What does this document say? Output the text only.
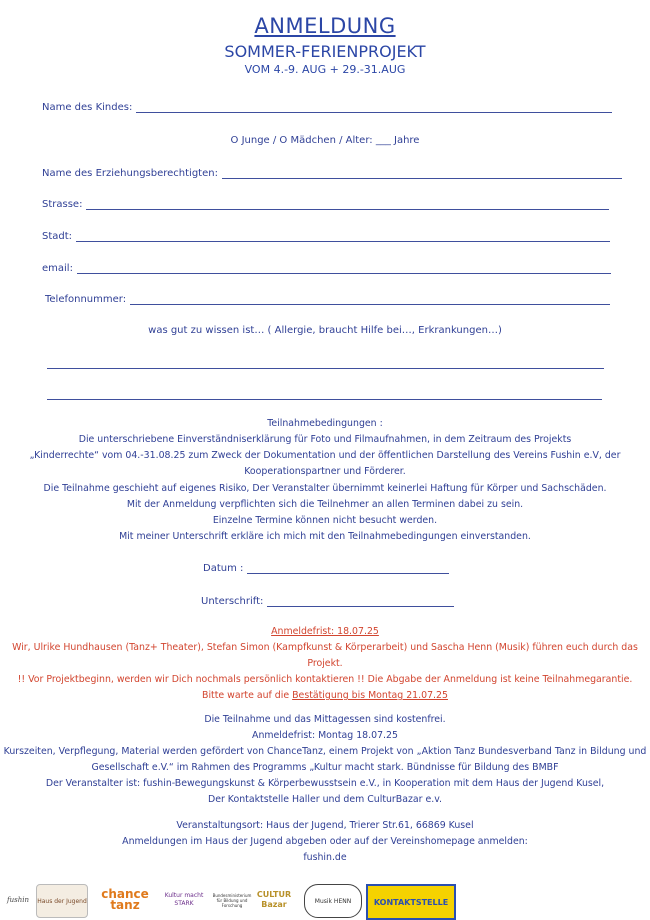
ANMELDUNG
SOMMER-FERIENPROJEKT
VOM 4.-9. AUG + 29.-31.AUG
Name des Kindes:
O Junge / O Mädchen / Alter: ___ Jahre
Name des Erziehungsberechtigten:
Strasse:
Stadt:
email:
Telefonnummer:
was gut zu wissen ist… ( Allergie, braucht Hilfe bei…, Erkrankungen…)
Teilnahmebedingungen :
Die unterschriebene Einverständniserklärung für Foto und Filmaufnahmen, in dem Zeitraum des Projekts
„Kinderrechte“ vom 04.-31.08.25 zum Zweck der Dokumentation und der öffentlichen Darstellung des Vereins Fushin e.V, der
Kooperationspartner und Förderer.
Die Teilnahme geschieht auf eigenes Risiko, Der Veranstalter übernimmt keinerlei Haftung für Körper und Sachschäden.
Mit der Anmeldung verpflichten sich die Teilnehmer an allen Terminen dabei zu sein.
Einzelne Termine können nicht besucht werden.
Mit meiner Unterschrift erkläre ich mich mit den Teilnahmebedingungen einverstanden.
Datum :
Unterschrift:
Anmeldefrist: 18.07.25
Wir, Ulrike Hundhausen (Tanz+ Theater), Stefan Simon (Kampfkunst & Körperarbeit) und Sascha Henn (Musik) führen euch durch das
Projekt.
!! Vor Projektbeginn, werden wir Dich nochmals persönlich kontaktieren !! Die Abgabe der Anmeldung ist keine Teilnahmegarantie.
Bitte warte auf die Bestätigung bis Montag 21.07.25
Die Teilnahme und das Mittagessen sind kostenfrei.
Anmeldefrist: Montag 18.07.25
Kurszeiten, Verpflegung, Material werden gefördert von ChanceTanz, einem Projekt von „Aktion Tanz Bundesverband Tanz in Bildung und
Gesellschaft e.V.“ im Rahmen des Programms „Kultur macht stark. Bündnisse für Bildung des BMBF
Der Veranstalter ist: fushin-Bewegungskunst & Körperbewusstsein e.V., in Kooperation mit dem Haus der Jugend Kusel,
Der Kontaktstelle Haller und dem CulturBazar e.v.
Veranstaltungsort: Haus der Jugend, Trierer Str.61, 66869 Kusel
Anmeldungen im Haus der Jugend abgeben oder auf der Vereinshomepage anmelden:
fushin.de
fushin Haus der Jugend	chance tanz
Kultur macht STARK
Bundesministerium für Bildung und Forschung
CULTUR Bazar	Musik HENN	KONTAKTSTELLE
